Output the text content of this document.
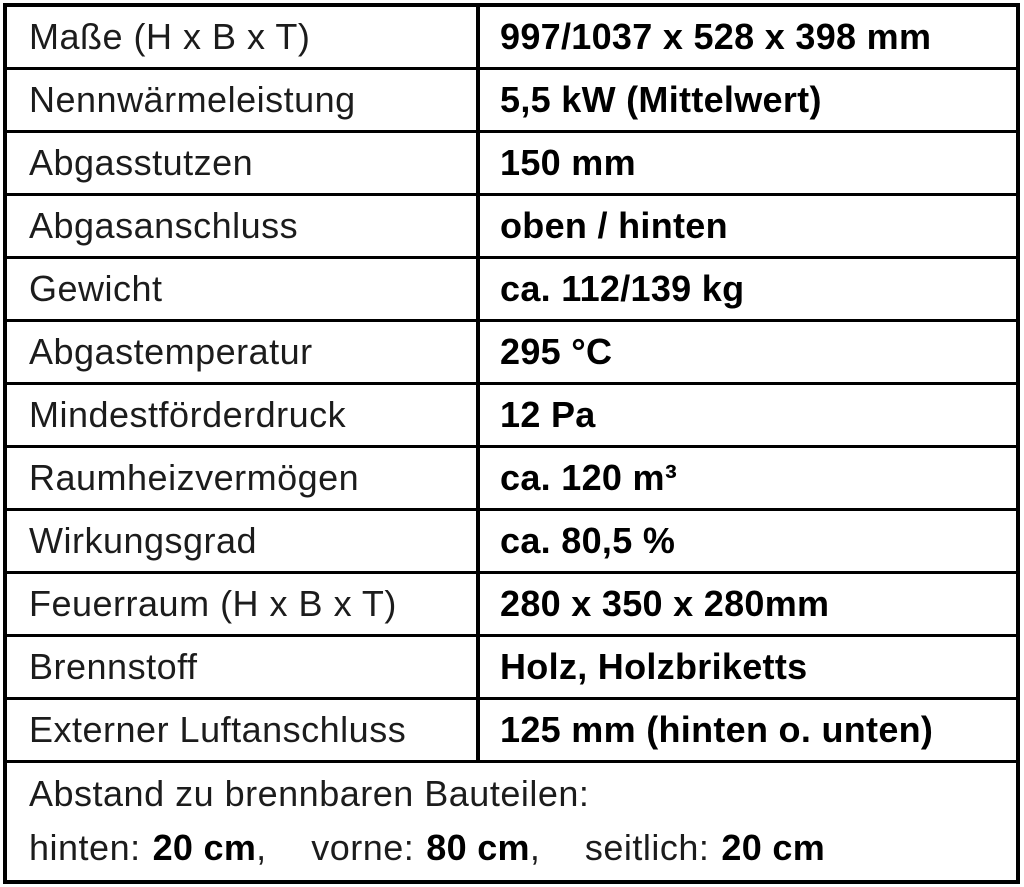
Maße (H x B x T)	997/1037 x 528 x 398 mm
Nennwärmeleistung	5,5 kW (Mittelwert)
Abgasstutzen	150 mm
Abgasanschluss	oben / hinten
Gewicht	ca. 112/139 kg
Abgastemperatur	295 °C
Mindestförderdruck	12 Pa
Raumheizvermögen	ca. 120 m³
Wirkungsgrad	ca. 80,5 %
Feuerraum (H x B x T)	280 x 350 x 280mm
Brennstoff	Holz, Holzbriketts
Externer Luftanschluss	125 mm (hinten o. unten)
Abstand zu brennbaren Bauteilen:
hinten: 20 cm, vorne: 80 cm, seitlich: 20 cm
